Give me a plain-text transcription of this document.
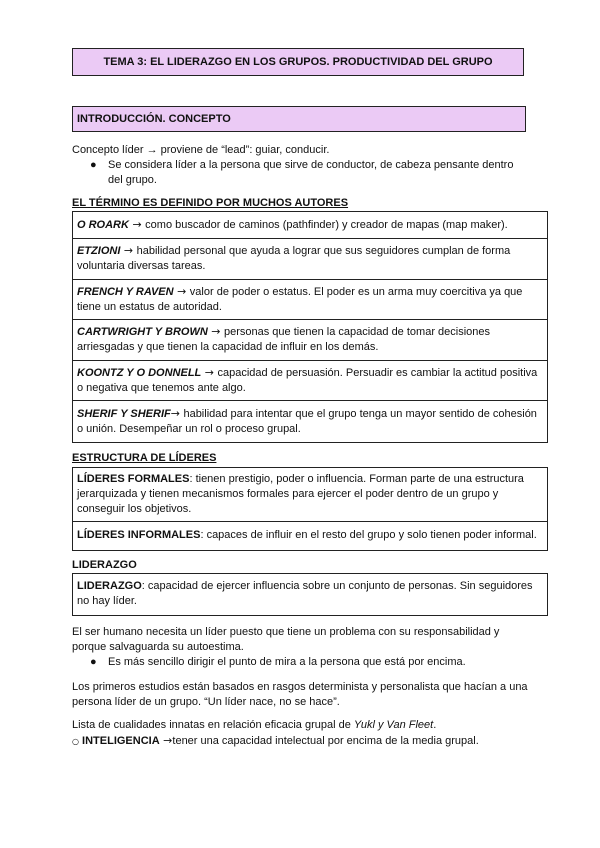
TEMA 3: EL LIDERAZGO EN LOS GRUPOS. PRODUCTIVIDAD DEL GRUPO
INTRODUCCIÓN. CONCEPTO
Concepto líder → proviene de “lead”: guiar, conducir.
●	Se considera líder a la persona que sirve de conductor, de cabeza pensante dentro del grupo.
EL TÉRMINO ES DEFINIDO POR MUCHOS AUTORES
O ROARK → como buscador de caminos (pathfinder) y creador de mapas (map maker).
ETZIONI → habilidad personal que ayuda a lograr que sus seguidores cumplan de forma voluntaria diversas tareas.
FRENCH Y RAVEN → valor de poder o estatus. El poder es un arma muy coercitiva ya que tiene un estatus de autoridad.
CARTWRIGHT Y BROWN → personas que tienen la capacidad de tomar decisiones arriesgadas y que tienen la capacidad de influir en los demás.
KOONTZ Y O DONNELL → capacidad de persuasión. Persuadir es cambiar la actitud positiva o negativa que tenemos ante algo.
SHERIF Y SHERIF→ habilidad para intentar que el grupo tenga un mayor sentido de cohesión o unión. Desempeñar un rol o proceso grupal.
ESTRUCTURA DE LÍDERES
LÍDERES FORMALES: tienen prestigio, poder o influencia. Forman parte de una estructura jerarquizada y tienen mecanismos formales para ejercer el poder dentro de un grupo y conseguir los objetivos.
LÍDERES INFORMALES: capaces de influir en el resto del grupo y solo tienen poder informal.
LIDERAZGO
LIDERAZGO: capacidad de ejercer influencia sobre un conjunto de personas. Sin seguidores no hay líder.
El ser humano necesita un líder puesto que tiene un problema con su responsabilidad y porque salvaguarda su autoestima.
●	Es más sencillo dirigir el punto de mira a la persona que está por encima.
Los primeros estudios están basados en rasgos determinista y personalista que hacían a una persona líder de un grupo. “Un líder nace, no se hace”.
Lista de cualidades innatas en relación eficacia grupal de Yukl y Van Fleet.
○ INTELIGENCIA →tener una capacidad intelectual por encima de la media grupal.
